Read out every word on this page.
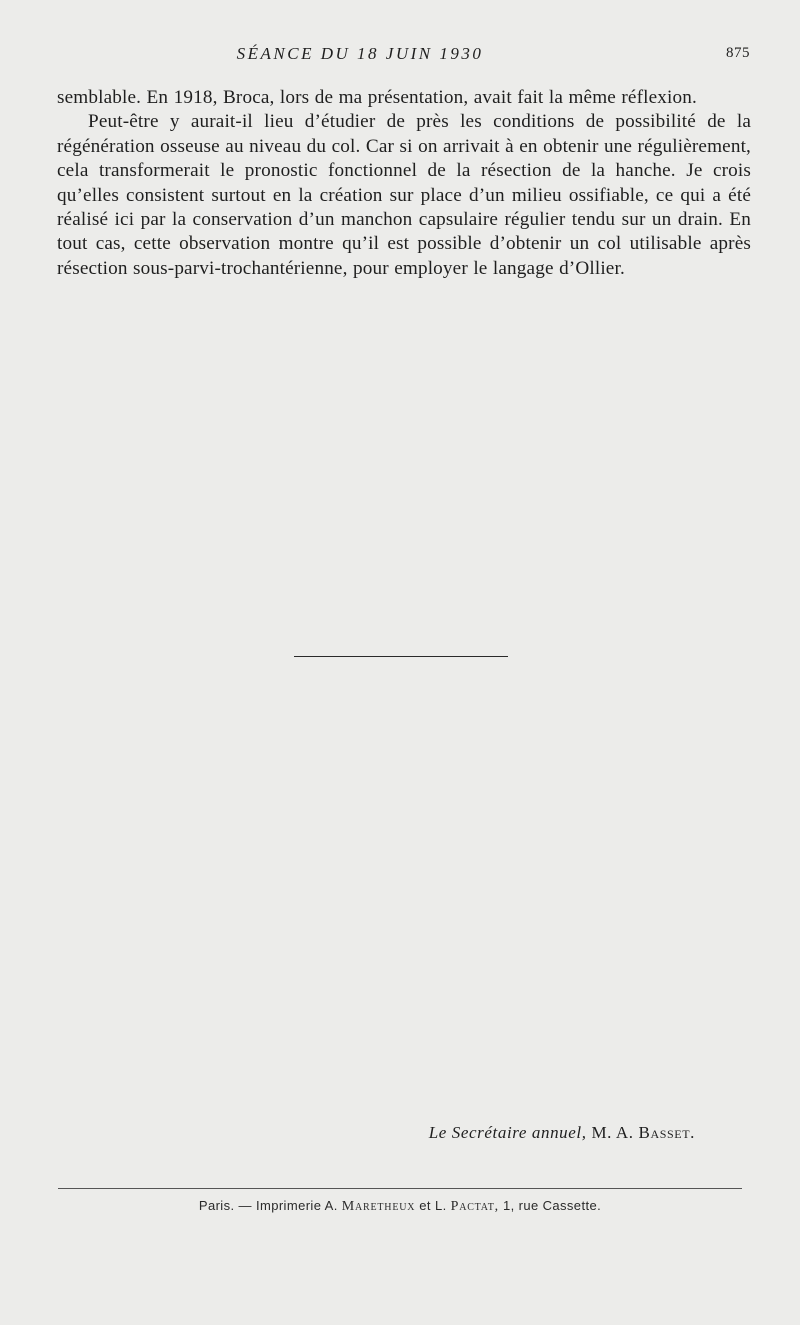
SÉANCE DU 18 JUIN 1930	875

semblable. En 1918, Broca, lors de ma présentation, avait fait la même réflexion.

Peut-être y aurait-il lieu d’étudier de près les conditions de possibilité de la régénération osseuse au niveau du col. Car si on arrivait à en obtenir une régulièrement, cela transformerait le pronostic fonctionnel de la résection de la hanche. Je crois qu’elles consistent surtout en la création sur place d’un milieu ossifiable, ce qui a été réalisé ici par la conservation d’un manchon capsulaire régulier tendu sur un drain. En tout cas, cette observation montre qu’il est possible d’obtenir un col utilisable après résection sous-parvi-trochantérienne, pour employer le langage d’Ollier.

Le Secrétaire annuel, M. A. Basset.
Paris. — Imprimerie A. Maretheux et L. Pactat, 1, rue Cassette.
